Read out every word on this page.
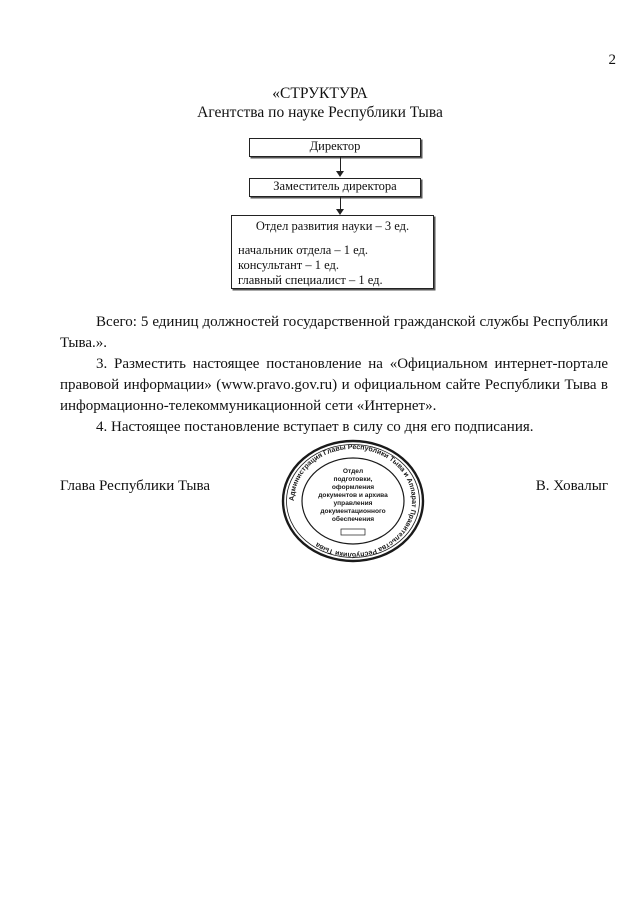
2
«СТРУКТУРА
Агентства по науке Республики Тыва
Директор
Заместитель директора
Отдел развития науки – 3 ед.
начальник отдела – 1 ед.
консультант – 1 ед.
главный специалист – 1 ед.

Всего: 5 единиц должностей государственной гражданской службы Республики Тыва.».

3. Разместить настоящее постановление на «Официальном интернет-портале правовой информации» (www.pravo.gov.ru) и официальном сайте Республики Тыва в информационно-телекоммуникационной сети «Интернет».

4. Настоящее постановление вступает в силу со дня его подписания.

Глава Республики Тыва	В. Ховалыг
Администрация Главы Республики Тыва и Аппарат Правительства Республики Тыва
Отдел
подготовки,
оформления
документов и архива
управления
документационного
обеспечения
